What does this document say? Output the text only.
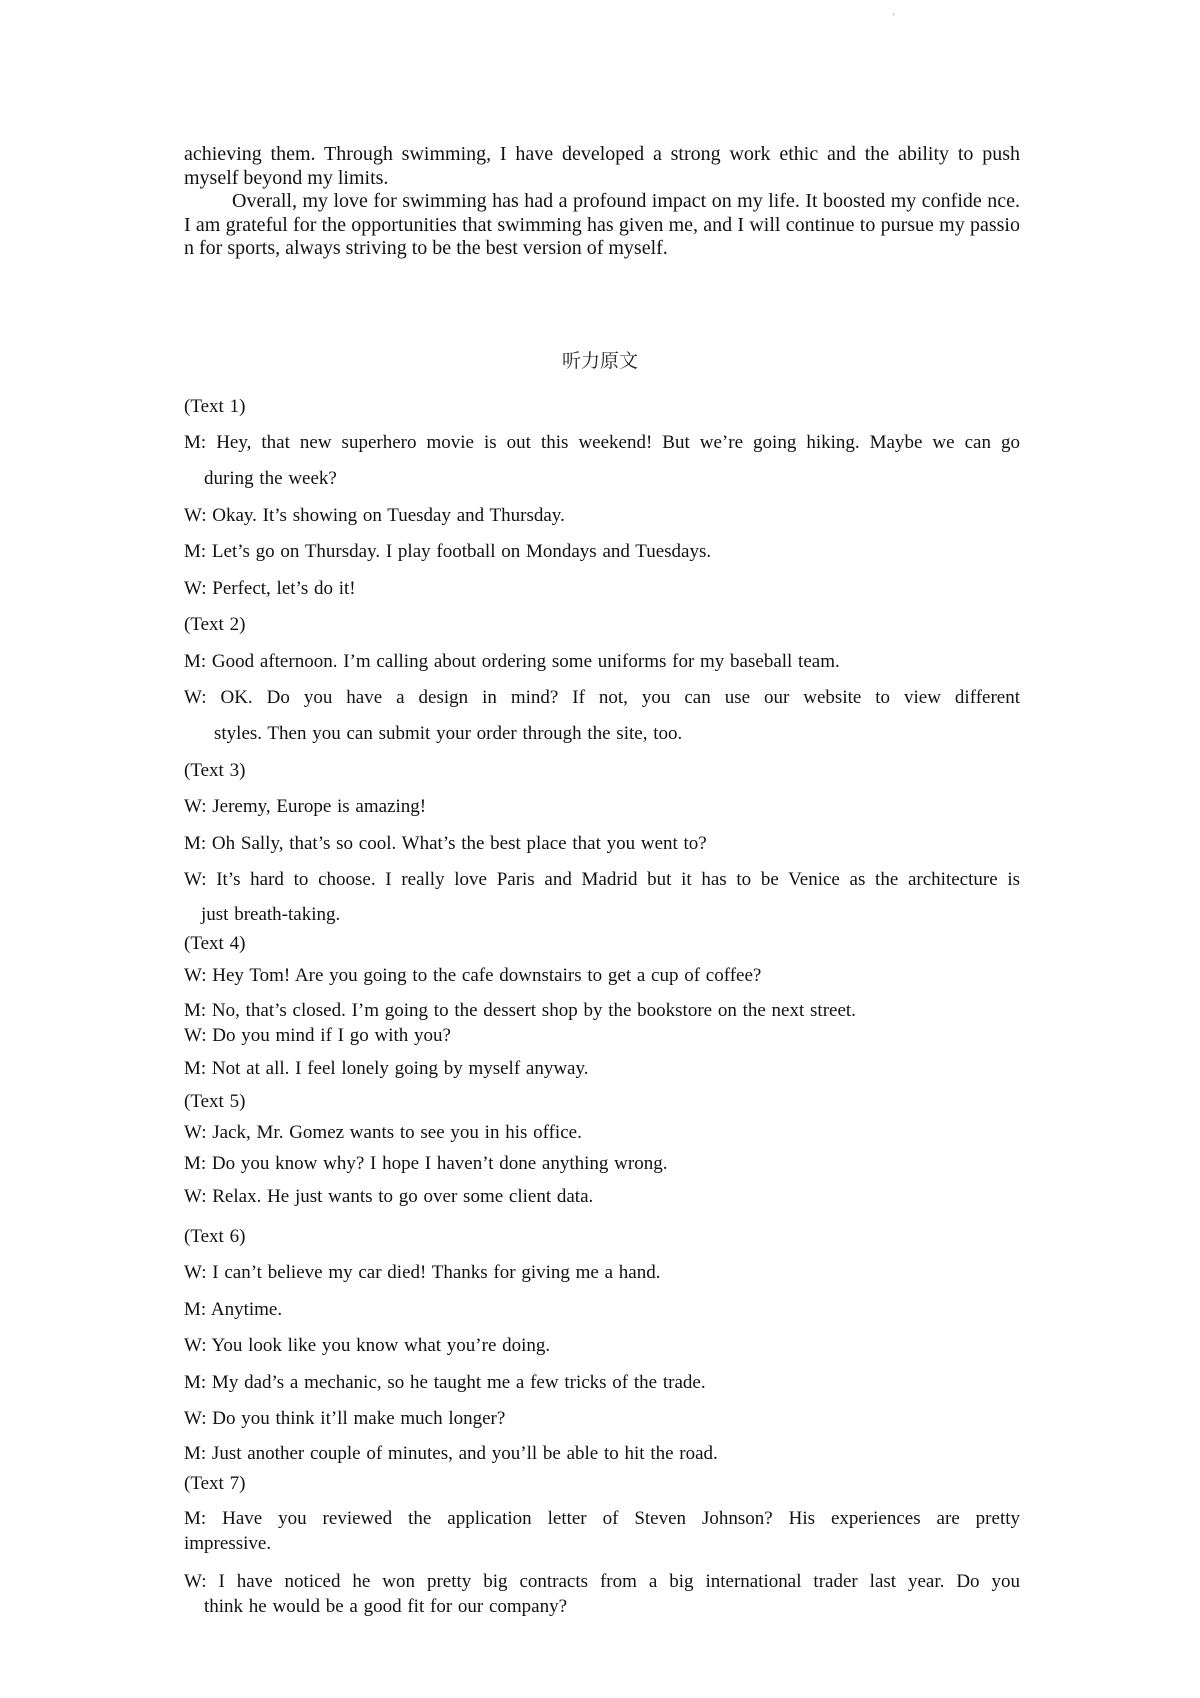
'

achieving them. Through swimming, I have developed a strong work ethic and the ability to push

myself beyond my limits.

Overall, my love for swimming has had a profound impact on my life. It boosted my confide nce. I am grateful for the opportunities that swimming has given me, and I will continue to pursue my passion for sports, always striving to be the best version of myself.

听力原文
(Text 1)
M: Hey, that new superhero movie is out this weekend! But we’re going hiking. Maybe we can go
during the week?
W: Okay. It’s showing on Tuesday and Thursday.
M: Let’s go on Thursday. I play football on Mondays and Tuesdays.
W: Perfect, let’s do it!
(Text 2)
M: Good afternoon. I’m calling about ordering some uniforms for my baseball team.
W: OK. Do you have a design in mind? If not, you can use our website to view different
styles. Then you can submit your order through the site, too.
(Text 3)
W: Jeremy, Europe is amazing!
M: Oh Sally, that’s so cool. What’s the best place that you went to?
W: It’s hard to choose. I really love Paris and Madrid but it has to be Venice as the architecture is
just breath-taking.
(Text 4)
W: Hey Tom! Are you going to the cafe downstairs to get a cup of coffee?
M: No, that’s closed. I’m going to the dessert shop by the bookstore on the next street.
W: Do you mind if I go with you?
M: Not at all. I feel lonely going by myself anyway.
(Text 5)
W: Jack, Mr. Gomez wants to see you in his office.
M: Do you know why? I hope I haven’t done anything wrong.
W: Relax. He just wants to go over some client data.
(Text 6)
W: I can’t believe my car died! Thanks for giving me a hand.
M: Anytime.
W: You look like you know what you’re doing.
M: My dad’s a mechanic, so he taught me a few tricks of the trade.
W: Do you think it’ll make much longer?
M: Just another couple of minutes, and you’ll be able to hit the road.
(Text 7)
M: Have you reviewed the application letter of Steven Johnson? His experiences are pretty
impressive.
W: I have noticed he won pretty big contracts from a big international trader last year. Do you
think he would be a good fit for our company?
